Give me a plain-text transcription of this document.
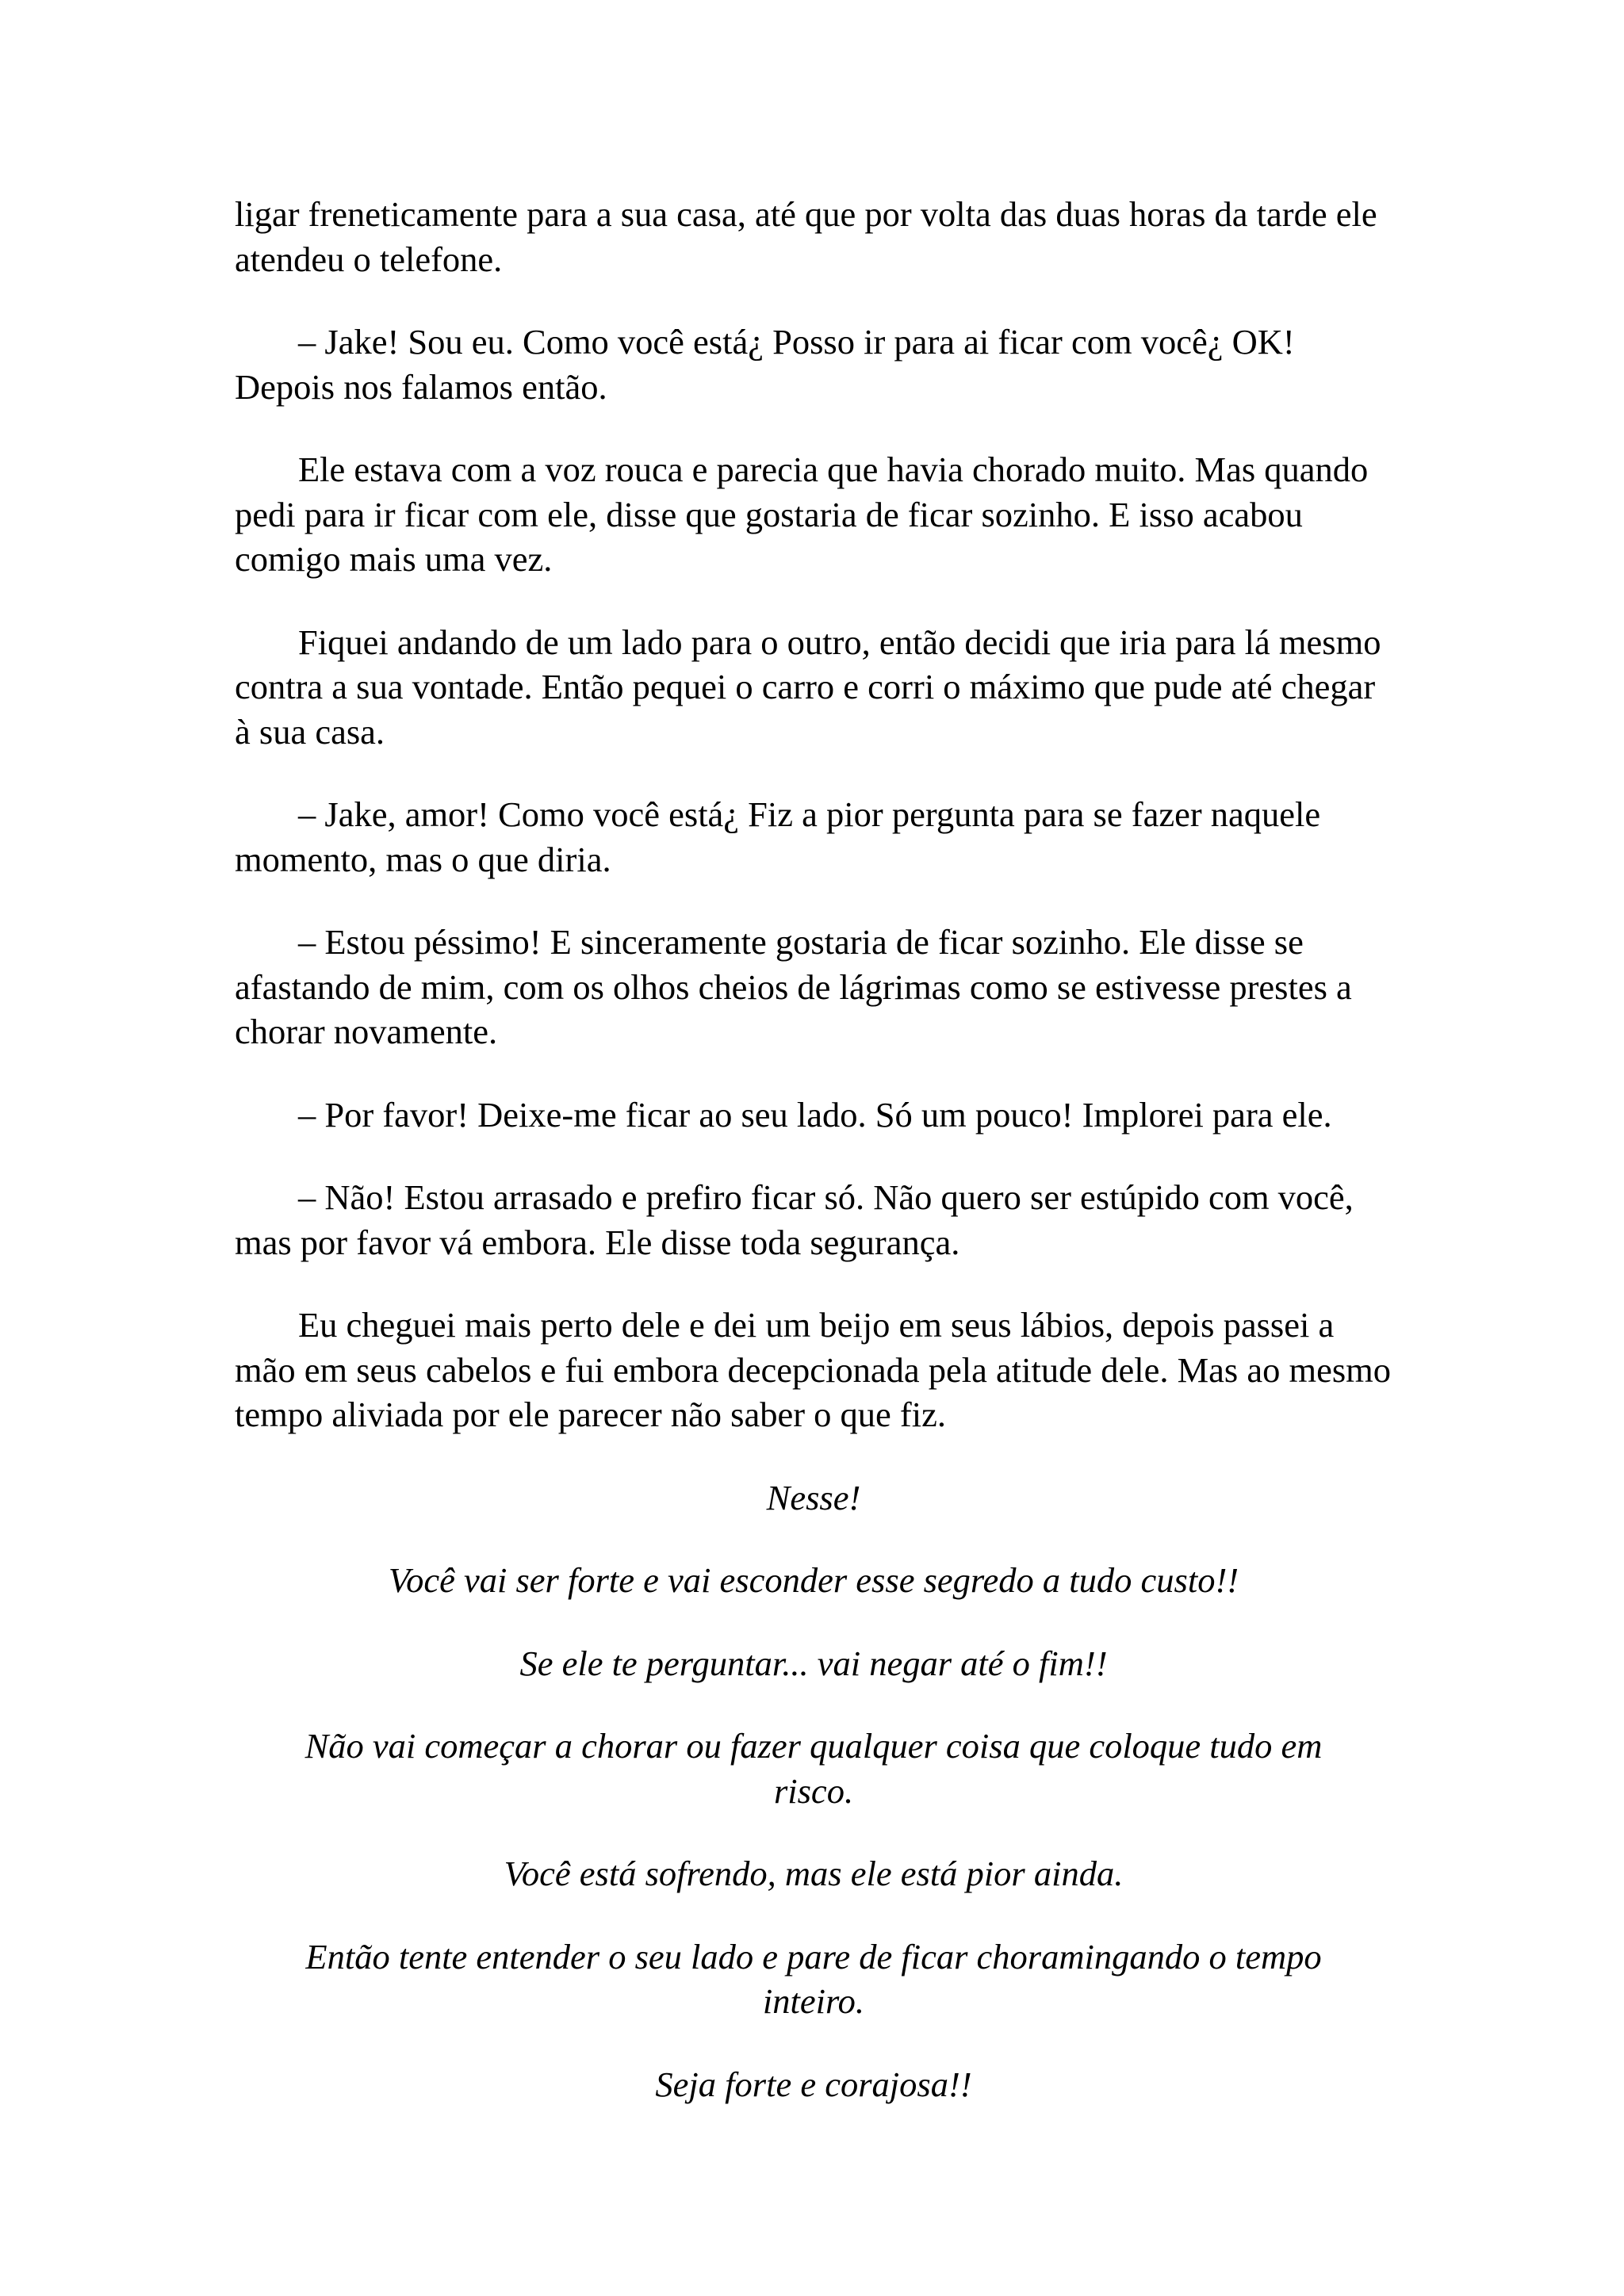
ligar freneticamente para a sua casa, até que por volta das duas horas da tarde ele atendeu o telefone.

– Jake! Sou eu. Como você está¿ Posso ir para ai ficar com você¿ OK! Depois nos falamos então.

Ele estava com a voz rouca e parecia que havia chorado muito. Mas quando pedi para ir ficar com ele, disse que gostaria de ficar sozinho. E isso acabou comigo mais uma vez.

Fiquei andando de um lado para o outro, então decidi que iria para lá mesmo contra a sua vontade. Então pequei o carro e corri o máximo que pude até chegar à sua casa.

– Jake, amor! Como você está¿ Fiz a pior pergunta para se fazer naquele momento, mas o que diria.

– Estou péssimo! E sinceramente gostaria de ficar sozinho. Ele disse se afastando de mim, com os olhos cheios de lágrimas como se estivesse prestes a chorar novamente.

– Por favor! Deixe-me ficar ao seu lado. Só um pouco! Implorei para ele.

– Não! Estou arrasado e prefiro ficar só. Não quero ser estúpido com você, mas por favor vá embora. Ele disse toda segurança.

Eu cheguei mais perto dele e dei um beijo em seus lábios, depois passei a mão em seus cabelos e fui embora decepcionada pela atitude dele. Mas ao mesmo tempo aliviada por ele parecer não saber o que fiz.

Nesse!

Você vai ser forte e vai esconder esse segredo a tudo custo!!

Se ele te perguntar... vai negar até o fim!!

Não vai começar a chorar ou fazer qualquer coisa que coloque tudo em risco.

Você está sofrendo, mas ele está pior ainda.

Então tente entender o seu lado e pare de ficar choramingando o tempo inteiro.

Seja forte e corajosa!!
